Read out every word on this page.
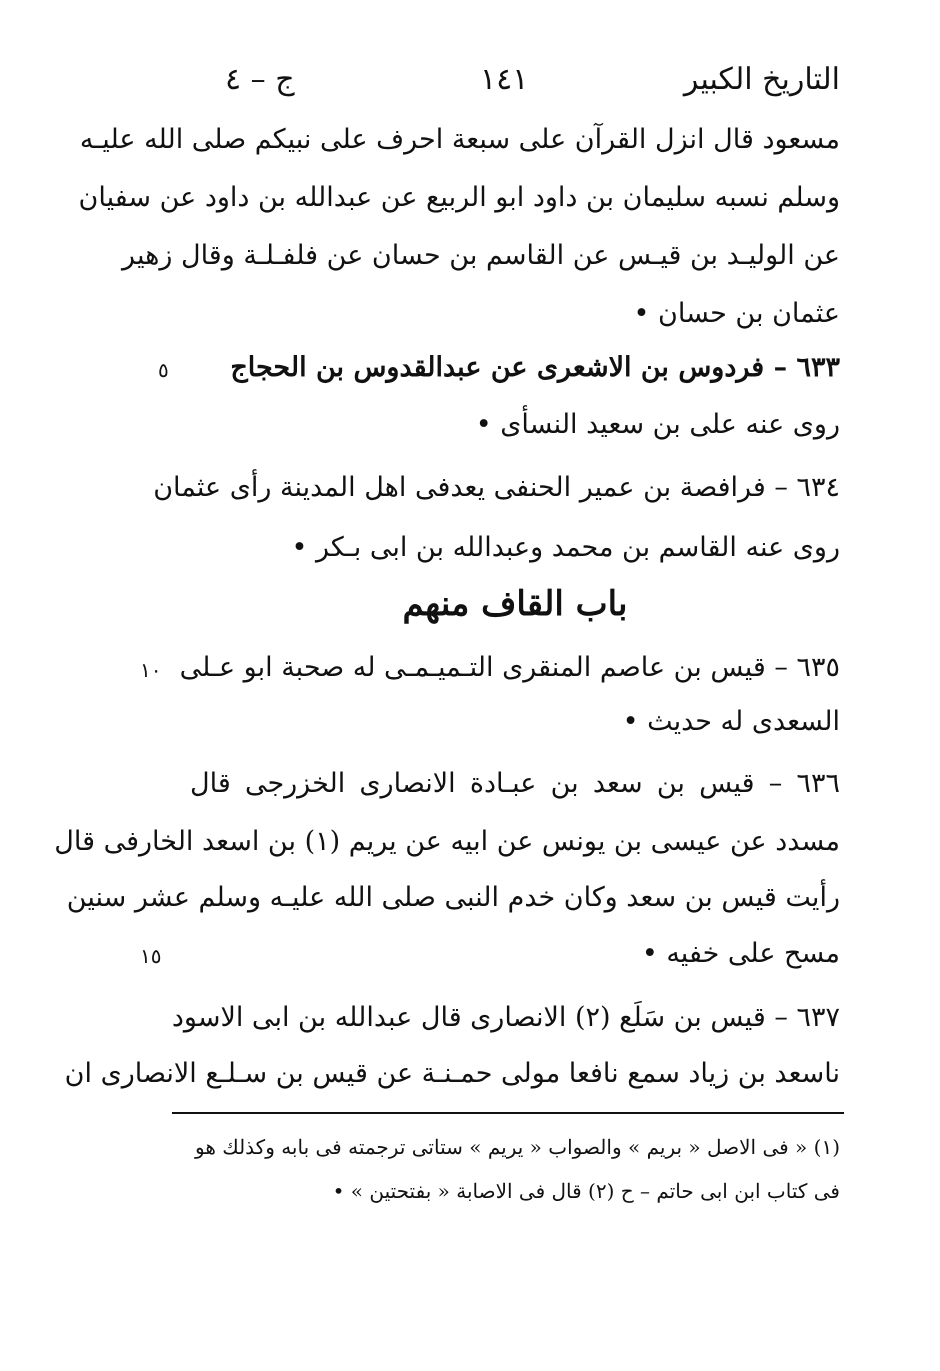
التاريخ الكبير
١٤١
ج – ٤
مسعود قال انزل القرآن على سبعة احرف على نبيكم صلى الله عليـه
وسلم نسبه سليمان بن داود ابو الربيع عن عبدالله بن داود عن سفيان
عن الوليـد بن قيـس عن القاسم بن حسان عن فلفـلـة وقال زهير
عثمان بن حسان •
٦٣٣ – فردوس بن الاشعرى عن عبدالقدوس بن الحجاج
٥
روى عنه على بن سعيد النسأى •
٦٣٤ – فرافصة بن عمير الحنفى يعدفى اهل المدينة رأى عثمان
روى عنه القاسم بن محمد وعبدالله بن ابى بـكر •
باب القاف منهم
٦٣٥ – قيس بن عاصم المنقرى التـميـمـى له صحبة ابو عـلى
١٠
السعدى له حديث •
٦٣٦ – قيس بن سعد بن عبـادة الانصارى الخزرجى قال
مسدد عن عيسى بن يونس عن ابيه عن يريم (١) بن اسعد الخارفى قال
رأيت قيس بن سعد وكان خدم النبى صلى الله عليـه وسلم عشر سنين
مسح على خفيه •
١٥
٦٣٧ – قيس بن سَلَع (٢) الانصارى قال عبدالله بن ابى الاسود
ناسعد بن زياد سمع نافعا مولى حمـنـة عن قيس بن سـلـع الانصارى ان
(١) « فى الاصل « بريم » والصواب « يريم » ستاتى ترجمته فى بابه وكذلك هو
فى كتاب ابن ابى حاتم – ح (٢) قال فى الاصابة « بفتحتين » •
